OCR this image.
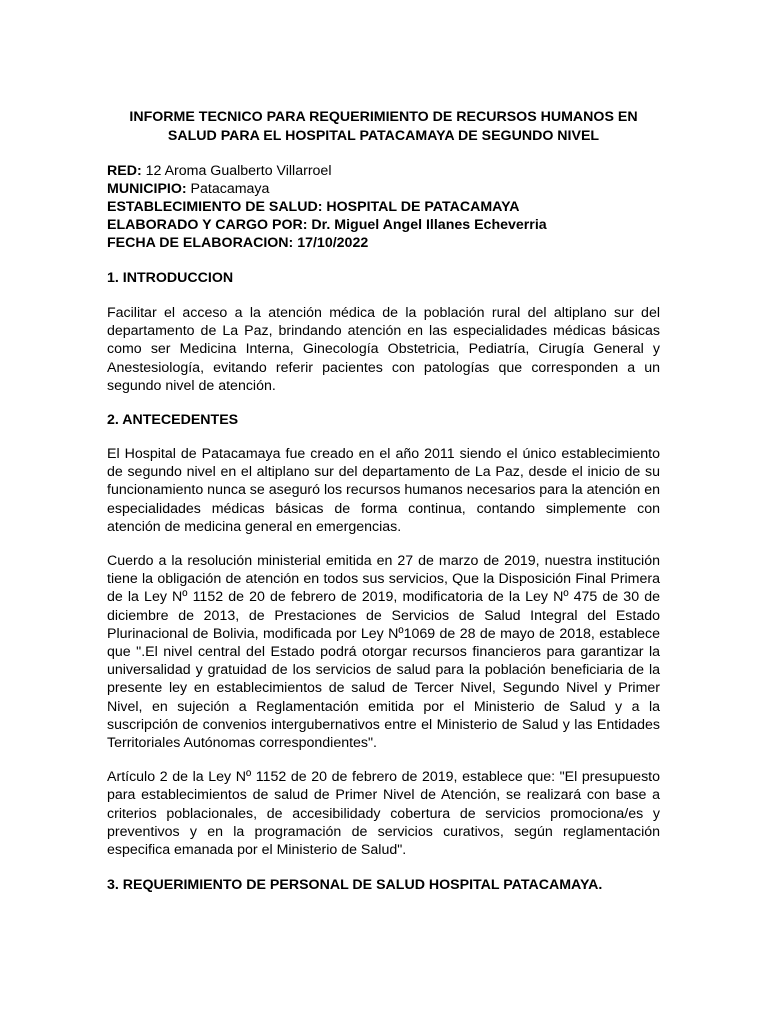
INFORME TECNICO PARA REQUERIMIENTO DE RECURSOS HUMANOS EN SALUD PARA EL HOSPITAL PATACAMAYA DE SEGUNDO NIVEL
RED: 12 Aroma Gualberto Villarroel
MUNICIPIO: Patacamaya
ESTABLECIMIENTO DE SALUD: HOSPITAL DE PATACAMAYA
ELABORADO Y CARGO POR: Dr. Miguel Angel Illanes Echeverria
FECHA DE ELABORACION: 17/10/2022
1. INTRODUCCION

Facilitar el acceso a la atención médica de la población rural del altiplano sur del departamento de La Paz, brindando atención en las especialidades médicas básicas como ser Medicina Interna, Ginecología Obstetricia, Pediatría, Cirugía General y Anestesiología, evitando referir pacientes con patologías que corresponden a un segundo nivel de atención.

2. ANTECEDENTES

El Hospital de Patacamaya fue creado en el año 2011 siendo el único establecimiento de segundo nivel en el altiplano sur del departamento de La Paz, desde el inicio de su funcionamiento nunca se aseguró los recursos humanos necesarios para la atención en especialidades médicas básicas de forma continua, contando simplemente con atención de medicina general en emergencias.

Cuerdo a la resolución ministerial emitida en 27 de marzo de 2019, nuestra institución tiene la obligación de atención en todos sus servicios, Que la Disposición Final Primera de la Ley Nº 1152 de 20 de febrero de 2019, modificatoria de la Ley Nº 475 de 30 de diciembre de 2013, de Prestaciones de Servicios de Salud Integral del Estado Plurinacional de Bolivia, modificada por Ley Nº1069 de 28 de mayo de 2018, establece que ".El nivel central del Estado podrá otorgar recursos financieros para garantizar la universalidad y gratuidad de los servicios de salud para la población beneficiaria de la presente ley en establecimientos de salud de Tercer Nivel, Segundo Nivel y Primer Nivel, en sujeción a Reglamentación emitida por el Ministerio de Salud y a la suscripción de convenios intergubernativos entre el Ministerio de Salud y las Entidades Territoriales Autónomas correspondientes".

Artículo 2 de la Ley Nº 1152 de 20 de febrero de 2019, establece que: "El presupuesto para establecimientos de salud de Primer Nivel de Atención, se realizará con base a criterios poblacionales, de accesibilidady cobertura de servicios promociona/es y preventivos y en la programación de servicios curativos, según reglamentación especifica emanada por el Ministerio de Salud".

3. REQUERIMIENTO DE PERSONAL DE SALUD HOSPITAL PATACAMAYA.
